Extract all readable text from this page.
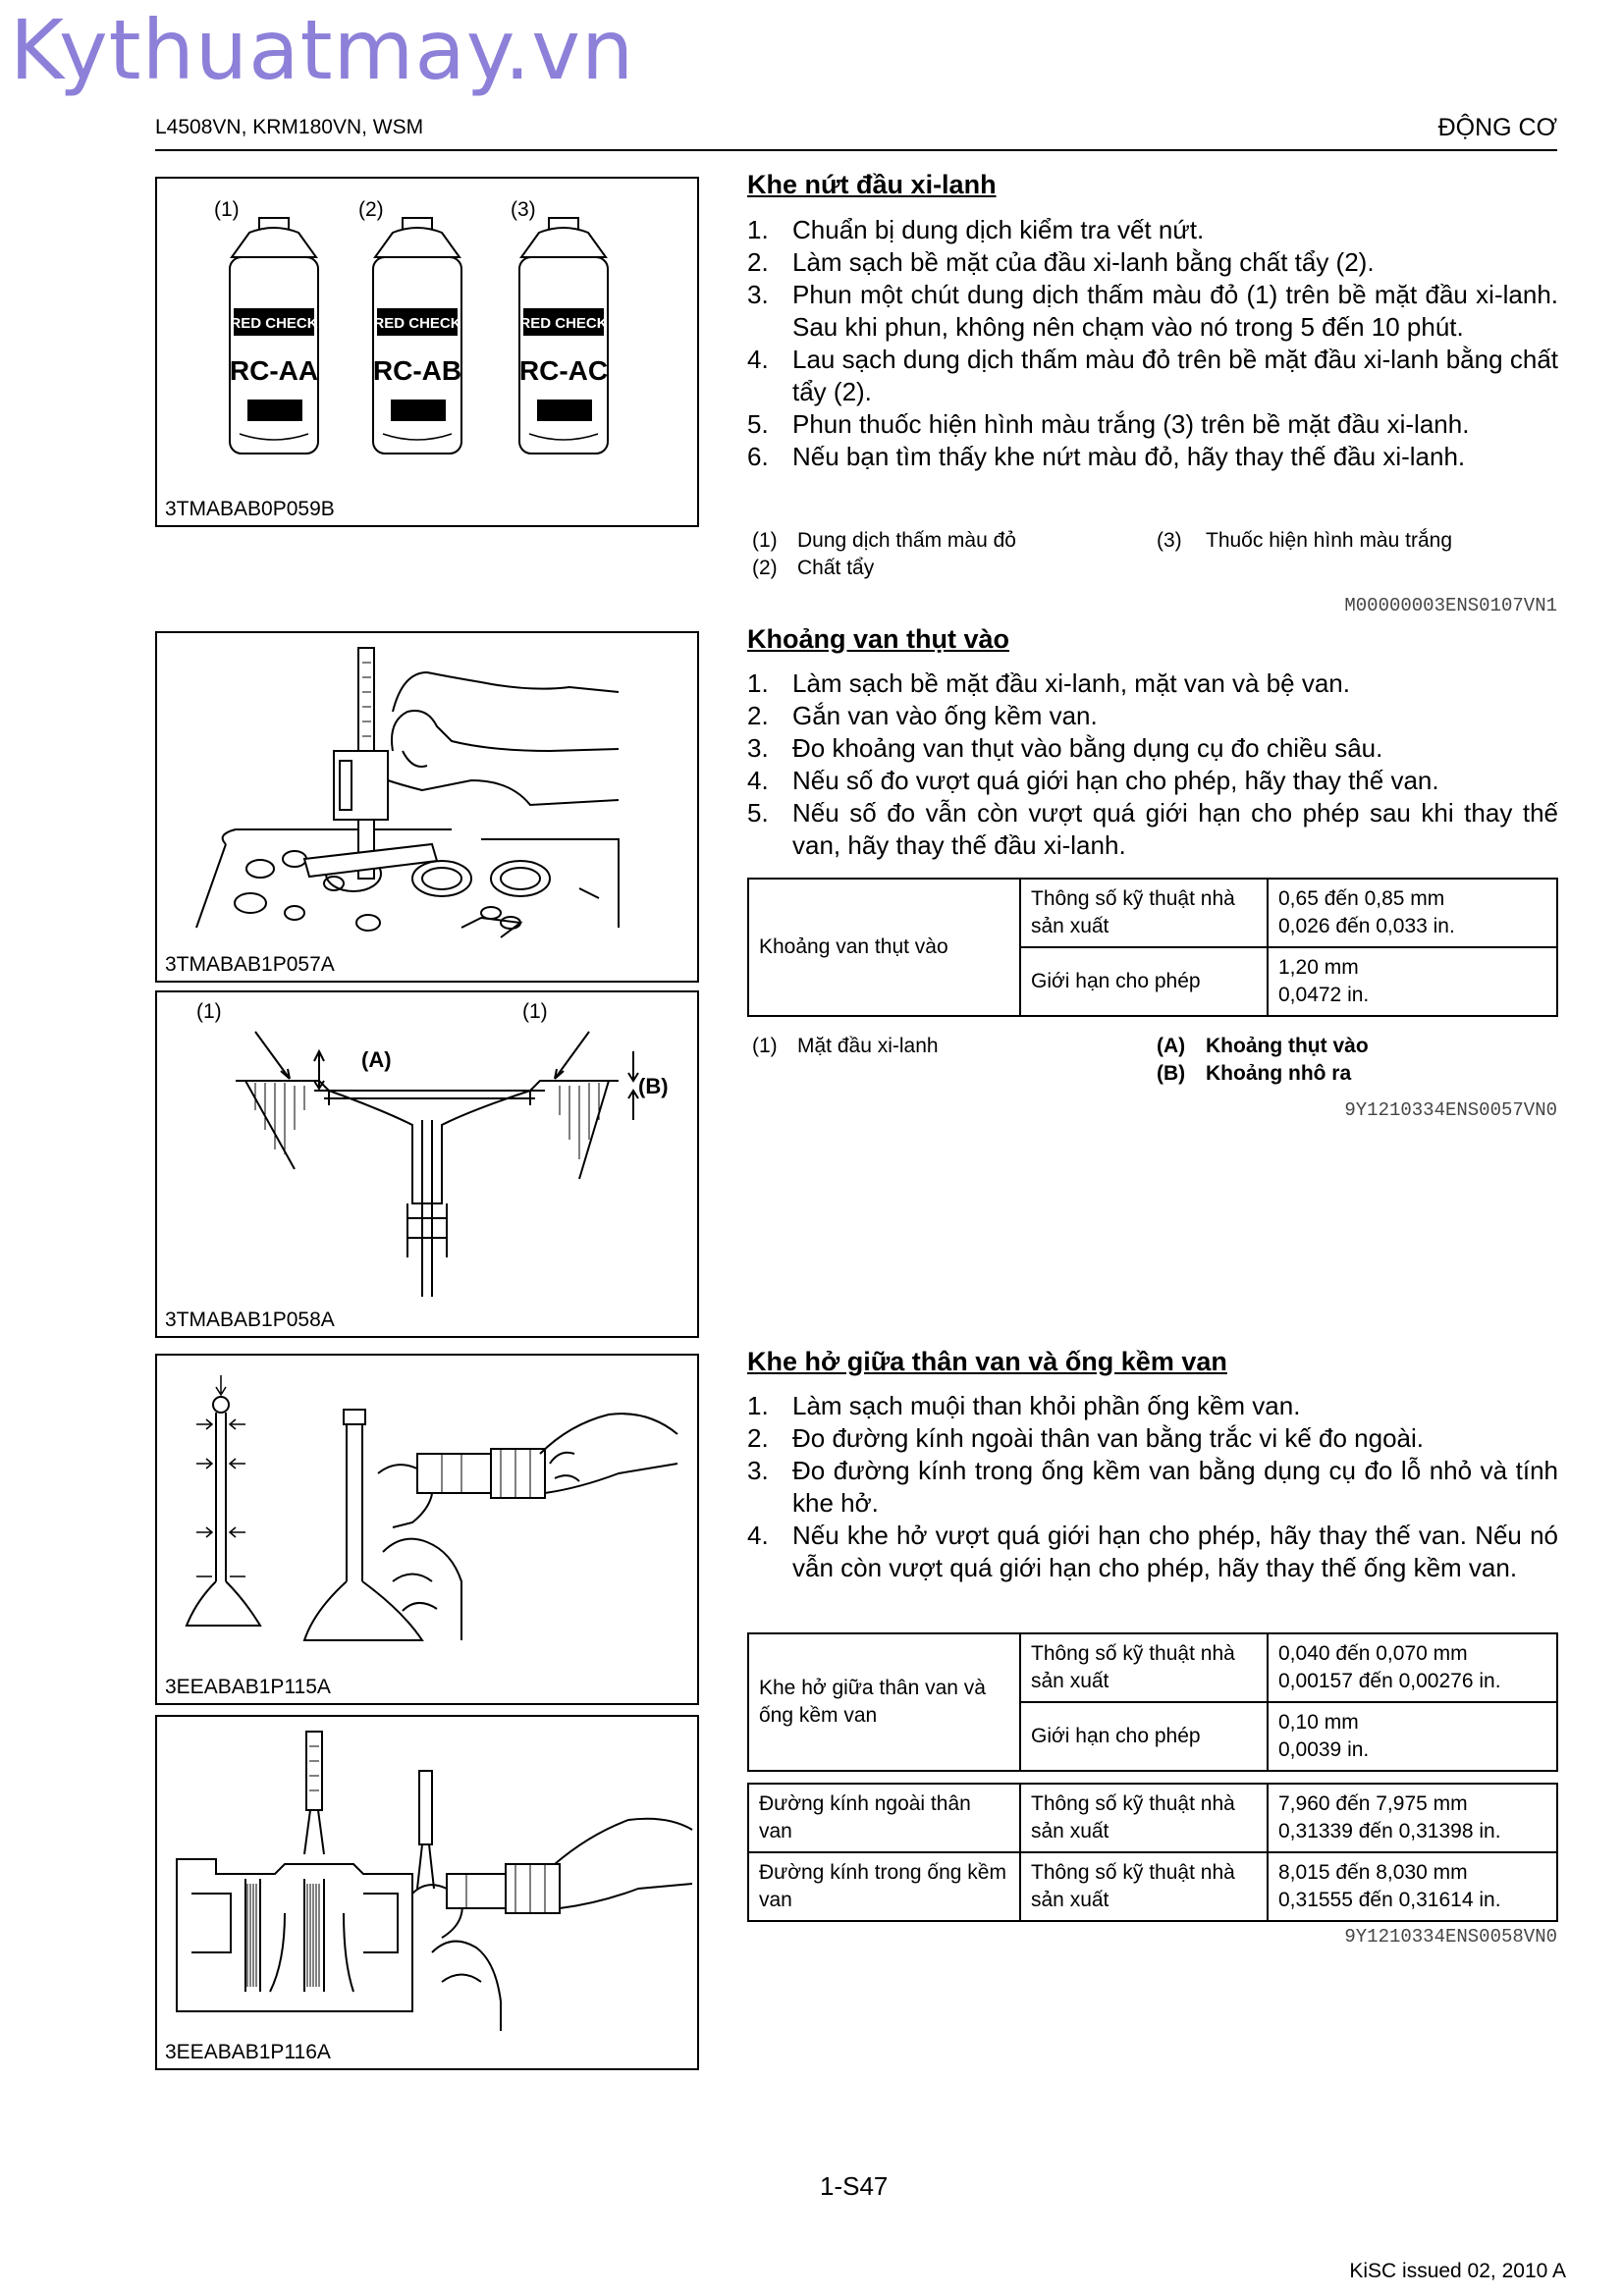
Kythuatmay.vn
L4508VN, KRM180VN, WSM	ĐỘNG CƠ
RED CHECK
RC-AA
RED CHECK
RC-AB
RED CHECK
RC-AC
(1)	(2)	(3)
3TMABAB0P059B
3TMABAB1P057A
(1)	(1)
(A)
(B)
3TMABAB1P058A
3EEABAB1P115A
3EEABAB1P116A
Khe nứt đầu xi-lanh
1. Chuẩn bị dung dịch kiểm tra vết nứt.
2. Làm sạch bề mặt của đầu xi-lanh bằng chất tẩy (2).
3. Phun một chút dung dịch thấm màu đỏ (1) trên bề mặt đầu xi-lanh. Sau khi phun, không nên chạm vào nó trong 5 đến 10 phút.
4. Lau sạch dung dịch thấm màu đỏ trên bề mặt đầu xi-lanh bằng chất tẩy (2).
5. Phun thuốc hiện hình màu trắng (3) trên bề mặt đầu xi-lanh.
6. Nếu bạn tìm thấy khe nứt màu đỏ, hãy thay thế đầu xi-lanh.
(1) Dung dịch thấm màu đỏ
(2) Chất tẩy
(3) Thuốc hiện hình màu trắng
M00000003ENS0107VN1
Khoảng van thụt vào
1. Làm sạch bề mặt đầu xi-lanh, mặt van và bệ van.
2. Gắn van vào ống kềm van.
3. Đo khoảng van thụt vào bằng dụng cụ đo chiều sâu.
4. Nếu số đo vượt quá giới hạn cho phép, hãy thay thế van.
5. Nếu số đo vẫn còn vượt quá giới hạn cho phép sau khi thay thế van, hãy thay thế đầu xi-lanh.
Khoảng van thụt vào	Thông số kỹ thuật nhà sản xuất	0,65 đến 0,85 mm
0,026 đến 0,033 in.

	Giới hạn cho phép	1,20 mm
0,0472 in.
(1) Mặt đầu xi-lanh	(A) Khoảng thụt vào
(B) Khoảng nhô ra
9Y1210334ENS0057VN0
Khe hở giữa thân van và ống kềm van
1. Làm sạch muội than khỏi phần ống kềm van.
2. Đo đường kính ngoài thân van bằng trắc vi kế đo ngoài.
3. Đo đường kính trong ống kềm van bằng dụng cụ đo lỗ nhỏ và tính khe hở.
4. Nếu khe hở vượt quá giới hạn cho phép, hãy thay thế van. Nếu nó vẫn còn vượt quá giới hạn cho phép, hãy thay thế ống kềm van.
Khe hở giữa thân van và ống kềm van	Thông số kỹ thuật nhà sản xuất	0,040 đến 0,070 mm
0,00157 đến 0,00276 in.

	Giới hạn cho phép	0,10 mm
0,0039 in.
Đường kính ngoài thân van	Thông số kỹ thuật nhà sản xuất	7,960 đến 7,975 mm
0,31339 đến 0,31398 in.

Đường kính trong ống kềm van	Thông số kỹ thuật nhà sản xuất	8,015 đến 8,030 mm
0,31555 đến 0,31614 in.
9Y1210334ENS0058VN0
1-S47
KiSC issued 02, 2010 A
